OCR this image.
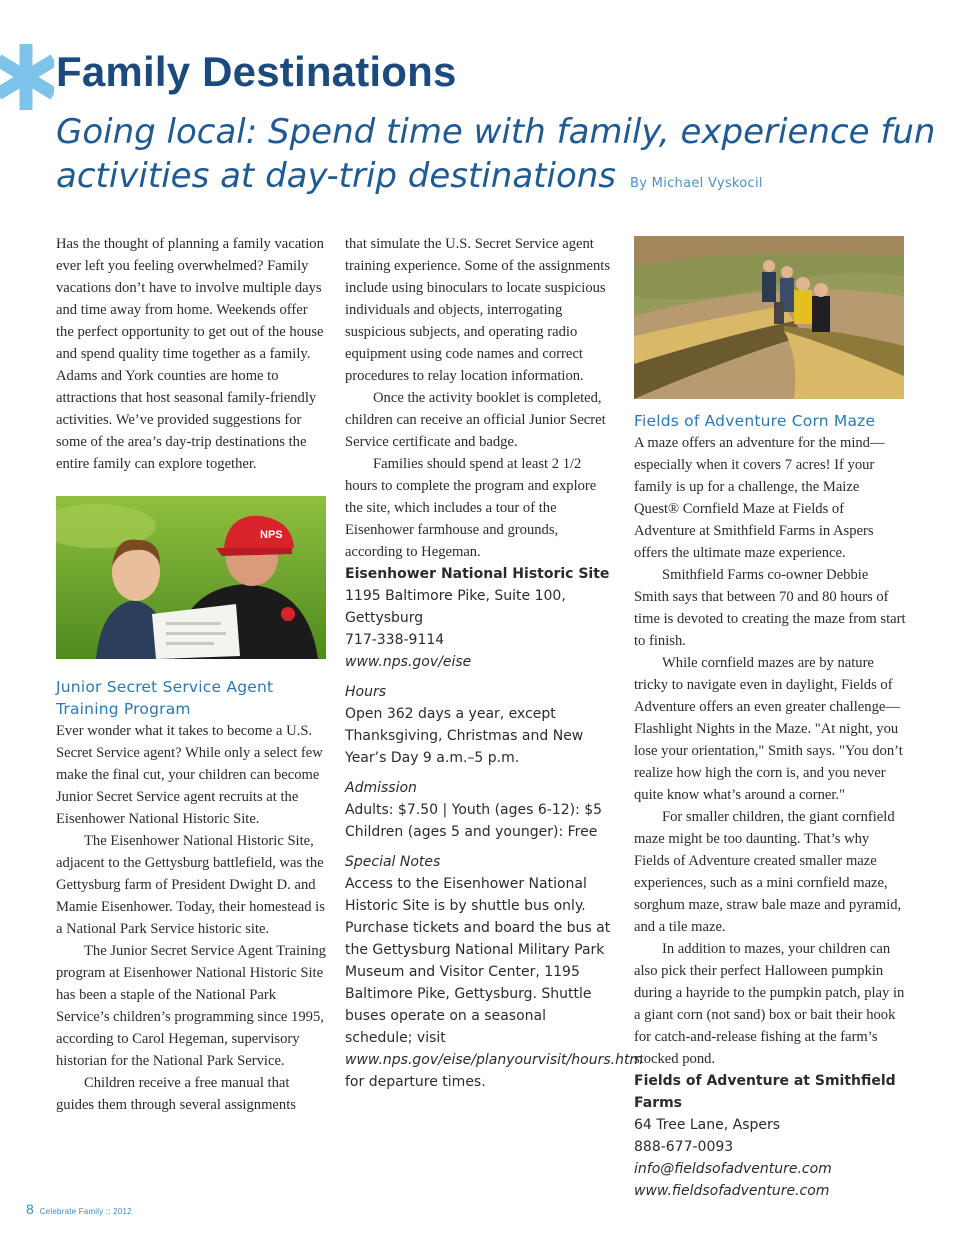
Family Destinations
Going local: Spend time with family, experience fun activities at day-trip destinations By Michael Vyskocil

Has the thought of planning a family vacation ever left you feeling overwhelmed? Family vacations don’t have to involve multiple days and time away from home. Weekends offer the perfect opportunity to get out of the house and spend quality time together as a family. Adams and York counties are home to attractions that host seasonal family-friendly activities. We’ve provided suggestions for some of the area’s day-trip destinations the entire family can explore together.

NPS
Junior Secret Service Agent Training Program

Ever wonder what it takes to become a U.S. Secret Service agent? While only a select few make the final cut, your children can become Junior Secret Service agent recruits at the Eisenhower National Historic Site.

The Eisenhower National Historic Site, adjacent to the Gettysburg battlefield, was the Gettysburg farm of President Dwight D. and Mamie Eisenhower. Today, their homestead is a National Park Service historic site.

The Junior Secret Service Agent Training program at Eisenhower National Historic Site has been a staple of the National Park Service’s children’s programming since 1995, according to Carol Hegeman, supervisory historian for the National Park Service.

Children receive a free manual that guides them through several assignments

that simulate the U.S. Secret Service agent training experience. Some of the assignments include using binoculars to locate suspicious individuals and objects, interrogating suspicious subjects, and operating radio equipment using code names and correct procedures to relay location information.

Once the activity booklet is completed, children can receive an official Junior Secret Service certificate and badge.

Families should spend at least 2 1/2 hours to complete the program and explore the site, which includes a tour of the Eisenhower farmhouse and grounds, according to Hegeman.

Eisenhower National Historic Site

1195 Baltimore Pike, Suite 100,

Gettysburg

717-338-9114

www.nps.gov/eise

Hours

Open 362 days a year, except Thanksgiving, Christmas and New Year’s Day 9 a.m.–5 p.m.

Admission

Adults: $7.50 | Youth (ages 6-12): $5

Children (ages 5 and younger): Free

Special Notes

Access to the Eisenhower National Historic Site is by shuttle bus only. Purchase tickets and board the bus at the Gettysburg National Military Park Museum and Visitor Center, 1195 Baltimore Pike, Gettysburg. Shuttle buses operate on a seasonal schedule; visit www.nps.gov/eise/planyourvisit/hours.htm for departure times.

Fields of Adventure Corn Maze

A maze offers an adventure for the mind—especially when it covers 7 acres! If your family is up for a challenge, the Maize Quest® Cornfield Maze at Fields of Adventure at Smithfield Farms in Aspers offers the ultimate maze experience.

Smithfield Farms co-owner Debbie Smith says that between 70 and 80 hours of time is devoted to creating the maze from start to finish.

While cornfield mazes are by nature tricky to navigate even in daylight, Fields of Adventure offers an even greater challenge—Flashlight Nights in the Maze. "At night, you lose your orientation," Smith says. "You don’t realize how high the corn is, and you never quite know what’s around a corner."

For smaller children, the giant cornfield maze might be too daunting. That’s why Fields of Adventure created smaller maze experiences, such as a mini cornfield maze, sorghum maze, straw bale maze and pyramid, and a tile maze.

In addition to mazes, your children can also pick their perfect Halloween pumpkin during a hayride to the pumpkin patch, play in a giant corn (not sand) box or bait their hook for catch-and-release fishing at the farm’s stocked pond.

Fields of Adventure at Smithfield Farms

64 Tree Lane, Aspers

888-677-0093

info@fieldsofadventure.com

www.fieldsofadventure.com

8 Celebrate Family :: 2012
